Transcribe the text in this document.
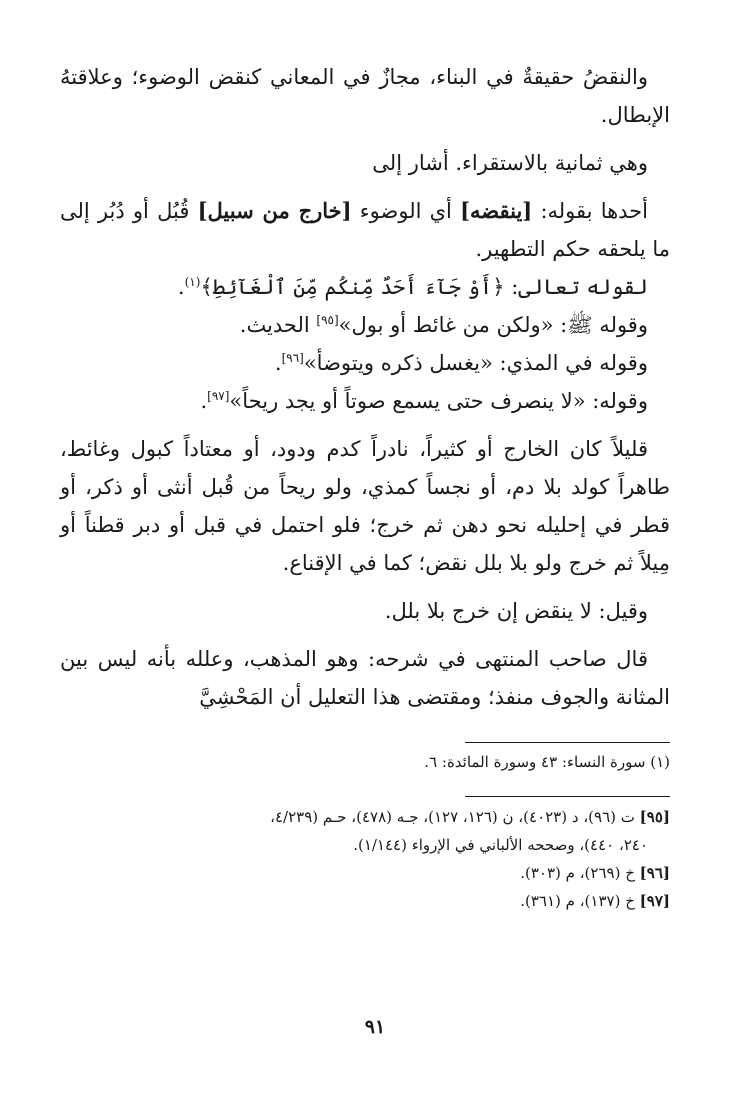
والنقضُ حقيقةٌ في البناء، مجازٌ في المعاني كنقض الوضوء؛ وعلاقتهُ الإبطال.

وهي ثمانية بالاستقراء. أشار إلى

أحدها بقوله: [ينقضه] أي الوضوء [خارج من سبيل] قُبُل أو دُبُر إلى ما يلحقه حكم التطهير.

لقوله تعالى: ﴿أَوْ جَآءَ أَحَدٌ مِّنكُم مِّنَ ٱلْغَآئِطِ﴾$^{(١)}$.

وقوله ﷺ: «ولكن من غائط أو بول»[٩٥] الحديث.

وقوله في المذي: «يغسل ذكره ويتوضأ»[٩٦].

وقوله: «لا ينصرف حتى يسمع صوتاً أو يجد ريحاً»[٩٧].

قليلاً كان الخارج أو كثيراً، نادراً كدم ودود، أو معتاداً كبول وغائط، طاهراً كولد بلا دم، أو نجساً كمذي، ولو ريحاً من قُبل أنثى أو ذكر، أو قطر في إحليله نحو دهن ثم خرج؛ فلو احتمل في قبل أو دبر قطناً أو مِيلاً ثم خرج ولو بلا بلل نقض؛ كما في الإقناع.

وقيل: لا ينقض إن خرج بلا بلل.

قال صاحب المنتهى في شرحه: وهو المذهب، وعلله بأنه ليس بين المثانة والجوف منفذ؛ ومقتضى هذا التعليل أن المَحْشِيَّ

(١) سورة النساء: ٤٣ وسورة المائدة: ٦.

[٩٥] ت (٩٦)، د (٤٠٢٣)، ن (١٢٦، ١٢٧)، جـه (٤٧٨)، حـم (٤/٢٣٩،

٢٤٠، ٤٤٠)، وصححه الألباني في الإرواء (١/١٤٤).

[٩٦] خ (٢٦٩)، م (٣٠٣).

[٩٧] خ (١٣٧)، م (٣٦١).

٩١
